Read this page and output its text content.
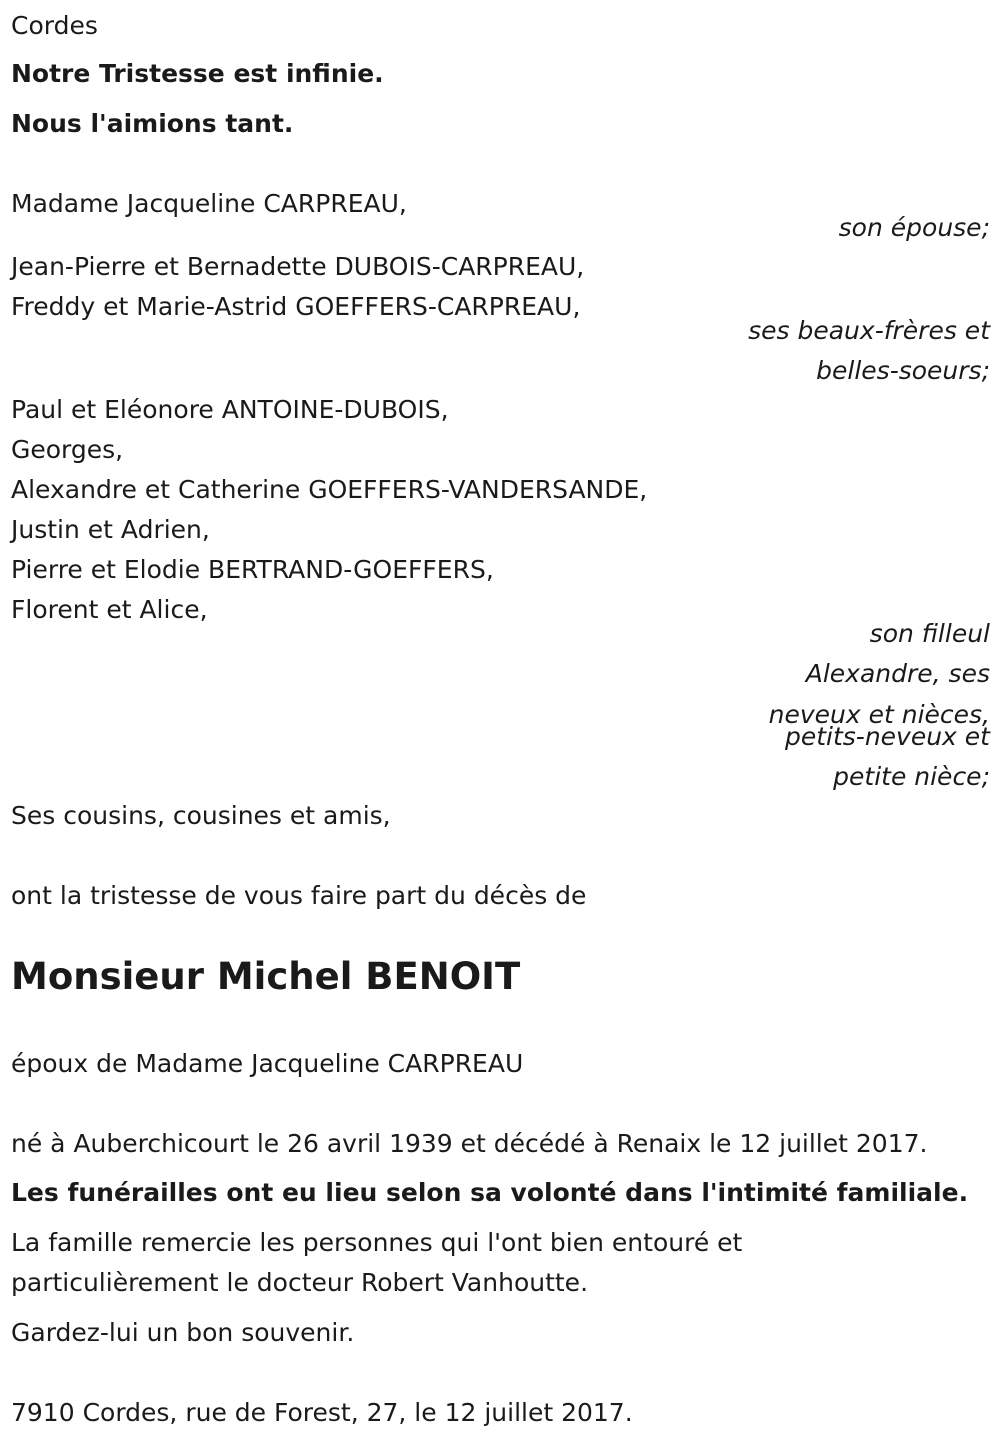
Cordes
Notre Tristesse est infinie.
Nous l'aimions tant.
Madame Jacqueline CARPREAU,
son épouse;
Jean-Pierre et Bernadette DUBOIS-CARPREAU,
Freddy et Marie-Astrid GOEFFERS-CARPREAU,
ses beaux-frères et
belles-soeurs;
Paul et Eléonore ANTOINE-DUBOIS,
Georges,
Alexandre et Catherine GOEFFERS-VANDERSANDE,
Justin et Adrien,
Pierre et Elodie BERTRAND-GOEFFERS,
Florent et Alice,
son filleul
Alexandre, ses
neveux et nièces,
petits-neveux et
petite nièce;
Ses cousins, cousines et amis,
ont la tristesse de vous faire part du décès de
Monsieur Michel BENOIT
époux de Madame Jacqueline CARPREAU
né à Auberchicourt le 26 avril 1939 et décédé à Renaix le 12 juillet 2017.
Les funérailles ont eu lieu selon sa volonté dans l'intimité familiale.
La famille remercie les personnes qui l'ont bien entouré et
particulièrement le docteur Robert Vanhoutte.
Gardez-lui un bon souvenir.
7910 Cordes, rue de Forest, 27, le 12 juillet 2017.
